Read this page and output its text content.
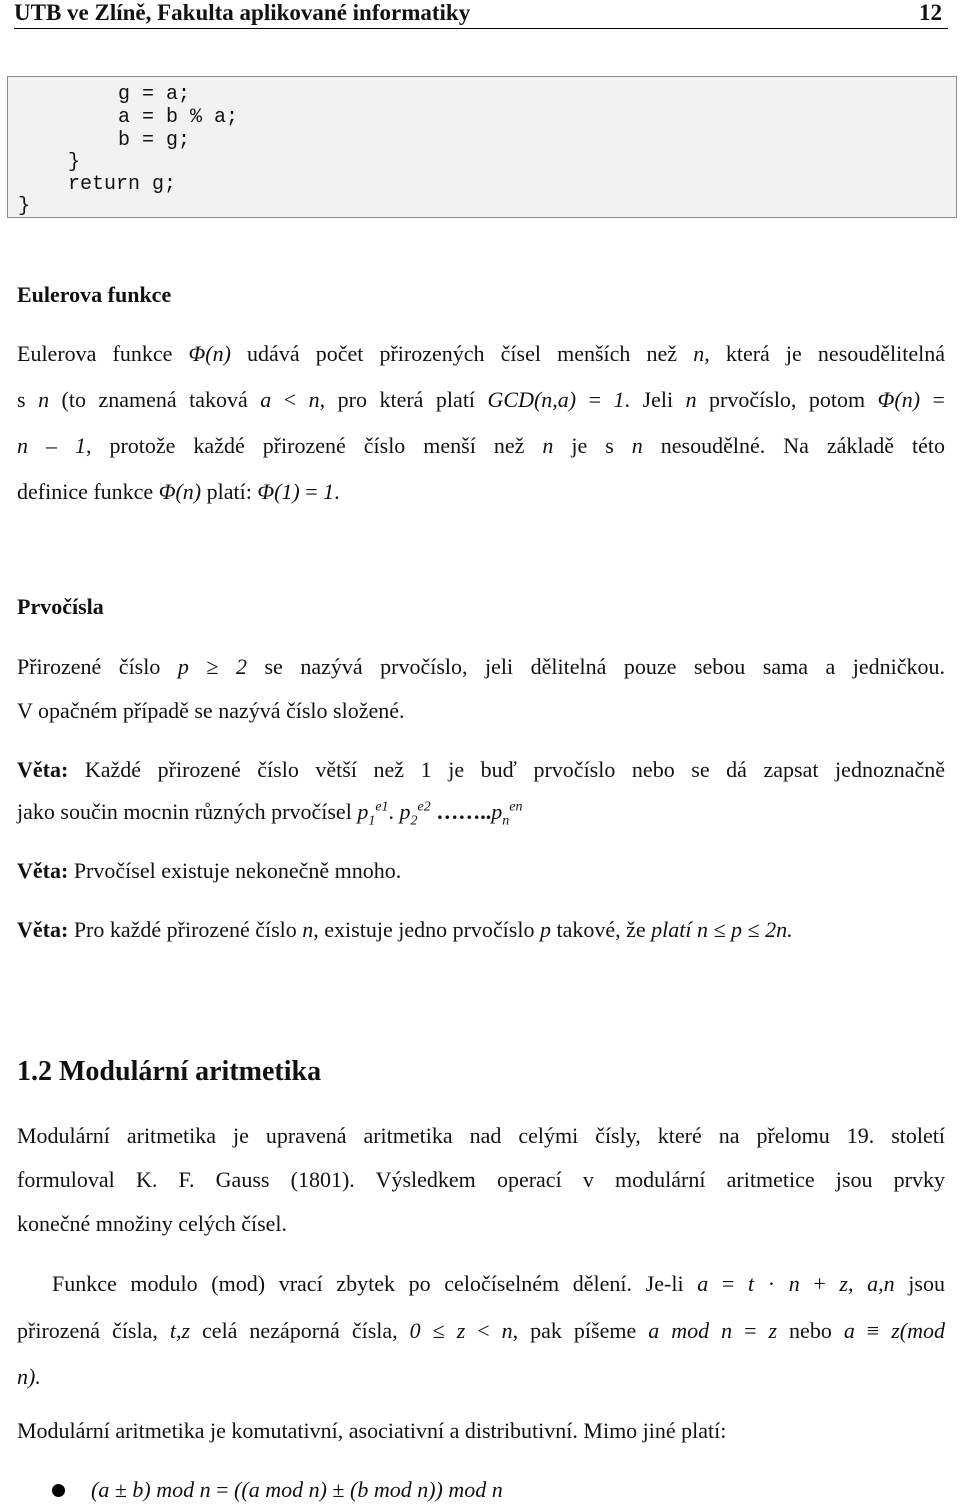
UTB ve Zlíně, Fakulta aplikované informatiky	12
g = a;
a = b % a;
b = g;
}
return g;
}
Eulerova funkce
Eulerova funkce Φ(n) udává počet přirozených čísel menších než n, která je nesoudělitelná
s n (to znamená taková a < n, pro která platí GCD(n,a) = 1. Jeli n prvočíslo, potom Φ(n) =
n – 1, protože každé přirozené číslo menší než n je s n nesoudělné. Na základě této
definice funkce Φ(n) platí: Φ(1) = 1.
Prvočísla
Přirozené číslo p ≥ 2 se nazývá prvočíslo, jeli dělitelná pouze sebou sama a jedničkou.
V opačném případě se nazývá číslo složené.
Věta: Každé přirozené číslo větší než 1 je buď prvočíslo nebo se dá zapsat jednoznačně
jako součin mocnin různých prvočísel $p_1^{e1}$. $p_2^{e2}$ $\dots\dots..p_n^{en}$
Věta: Prvočísel existuje nekonečně mnoho.
Věta: Pro každé přirozené číslo n, existuje jedno prvočíslo p takové, že platí n ≤ p ≤ 2n.
1.2 Modulární aritmetika
Modulární aritmetika je upravená aritmetika nad celými čísly, které na přelomu 19. století
formuloval K. F. Gauss (1801). Výsledkem operací v modulární aritmetice jsou prvky
konečné množiny celých čísel.
Funkce modulo (mod) vrací zbytek po celočíselném dělení. Je-li a = t · n + z, a,n jsou
přirozená čísla, t,z celá nezáporná čísla, 0 ≤ z < n, pak píšeme a mod n = z nebo a ≡ z(mod
n).
Modulární aritmetika je komutativní, asociativní a distributivní. Mimo jiné platí:
(a ± b) mod n = ((a mod n) ± (b mod n)) mod n
